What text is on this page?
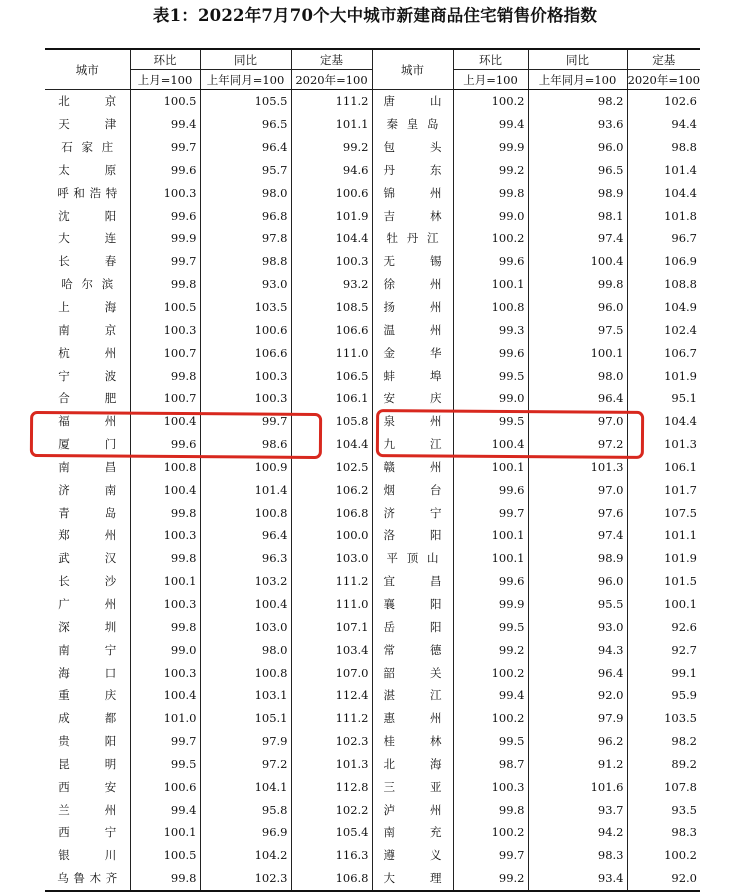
表1：2022年7月70个大中城市新建商品住宅销售价格指数
城市	环比	同比	定基	城市	环比	同比	定基
	上月=100	上年同月=100	2020年=100		上月=100	上年同月=100	2020年=100
北京	100.5	105.5	111.2	唐山	100.2	98.2	102.6
天津	99.4	96.5	101.1	秦皇岛	99.4	93.6	94.4
石家庄	99.7	96.4	99.2	包头	99.9	96.0	98.8
太原	99.6	95.7	94.6	丹东	99.2	96.5	101.4
呼和浩特	100.3	98.0	100.6	锦州	99.8	98.9	104.4
沈阳	99.6	96.8	101.9	吉林	99.0	98.1	101.8
大连	99.9	97.8	104.4	牡丹江	100.2	97.4	96.7
长春	99.7	98.8	100.3	无锡	99.6	100.4	106.9
哈尔滨	99.8	93.0	93.2	徐州	100.1	99.8	108.8
上海	100.5	103.5	108.5	扬州	100.8	96.0	104.9
南京	100.3	100.6	106.6	温州	99.3	97.5	102.4
杭州	100.7	106.6	111.0	金华	99.6	100.1	106.7
宁波	99.8	100.3	106.5	蚌埠	99.5	98.0	101.9
合肥	100.7	100.3	106.1	安庆	99.0	96.4	95.1
福州	100.4	99.7	105.8	泉州	99.5	97.0	104.4
厦门	99.6	98.6	104.4	九江	100.4	97.2	101.3
南昌	100.8	100.9	102.5	赣州	100.1	101.3	106.1
济南	100.4	101.4	106.2	烟台	99.6	97.0	101.7
青岛	99.8	100.8	106.8	济宁	99.7	97.6	107.5
郑州	100.3	96.4	100.0	洛阳	100.1	97.4	101.1
武汉	99.8	96.3	103.0	平顶山	100.1	98.9	101.9
长沙	100.1	103.2	111.2	宜昌	99.6	96.0	101.5
广州	100.3	100.4	111.0	襄阳	99.9	95.5	100.1
深圳	99.8	103.0	107.1	岳阳	99.5	93.0	92.6
南宁	99.0	98.0	103.4	常德	99.2	94.3	92.7
海口	100.3	100.8	107.0	韶关	100.2	96.4	99.1
重庆	100.4	103.1	112.4	湛江	99.4	92.0	95.9
成都	101.0	105.1	111.2	惠州	100.2	97.9	103.5
贵阳	99.7	97.9	102.3	桂林	99.5	96.2	98.2
昆明	99.5	97.2	101.3	北海	98.7	91.2	89.2
西安	100.6	104.1	112.8	三亚	100.3	101.6	107.8
兰州	99.4	95.8	102.2	泸州	99.8	93.7	93.5
西宁	100.1	96.9	105.4	南充	100.2	94.2	98.3
银川	100.5	104.2	116.3	遵义	99.7	98.3	100.2
乌鲁木齐	99.8	102.3	106.8	大理	99.2	93.4	92.0
